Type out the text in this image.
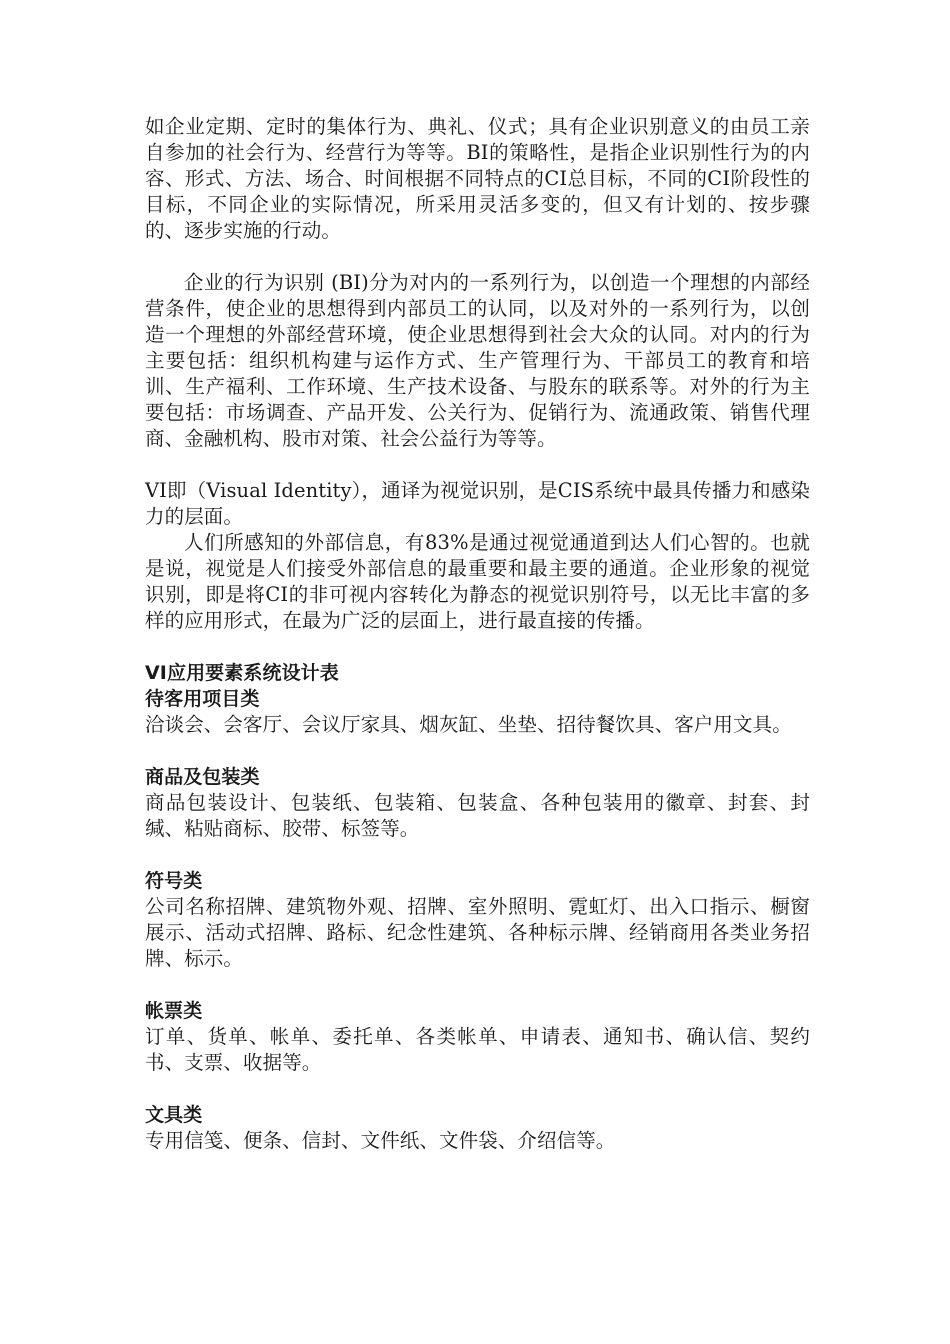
如企业定期、定时的集体行为、典礼、仪式；具有企业识别意义的由员工亲自参加的社会行为、经营行为等等。BI的策略性，是指企业识别性行为的内容、形式、方法、场合、时间根据不同特点的CI总目标，不同的CI阶段性的目标，不同企业的实际情况，所采用灵活多变的，但又有计划的、按步骤的、逐步实施的行动。

企业的行为识别 (BI)分为对内的一系列行为，以创造一个理想的内部经营条件，使企业的思想得到内部员工的认同，以及对外的一系列行为，以创造一个理想的外部经营环境，使企业思想得到社会大众的认同。对内的行为主要包括：组织机构建与运作方式、生产管理行为、干部员工的教育和培训、生产福利、工作环境、生产技术设备、与股东的联系等。对外的行为主要包括：市场调查、产品开发、公关行为、促销行为、流通政策、销售代理商、金融机构、股市对策、社会公益行为等等。

VI即（Visual Identity），通译为视觉识别，是CIS系统中最具传播力和感染力的层面。

人们所感知的外部信息，有83%是通过视觉通道到达人们心智的。也就是说，视觉是人们接受外部信息的最重要和最主要的通道。企业形象的视觉识别，即是将CI的非可视内容转化为静态的视觉识别符号，以无比丰富的多样的应用形式，在最为广泛的层面上，进行最直接的传播。

VI应用要素系统设计表

待客用项目类

洽谈会、会客厅、会议厅家具、烟灰缸、坐垫、招待餐饮具、客户用文具。

商品及包装类

商品包装设计、包装纸、包装箱、包装盒、各种包装用的徽章、封套、封缄、粘贴商标、胶带、标签等。

符号类

公司名称招牌、建筑物外观、招牌、室外照明、霓虹灯、出入口指示、橱窗展示、活动式招牌、路标、纪念性建筑、各种标示牌、经销商用各类业务招牌、标示。

帐票类

订单、货单、帐单、委托单、各类帐单、申请表、通知书、确认信、契约书、支票、收据等。

文具类

专用信笺、便条、信封、文件纸、文件袋、介绍信等。
